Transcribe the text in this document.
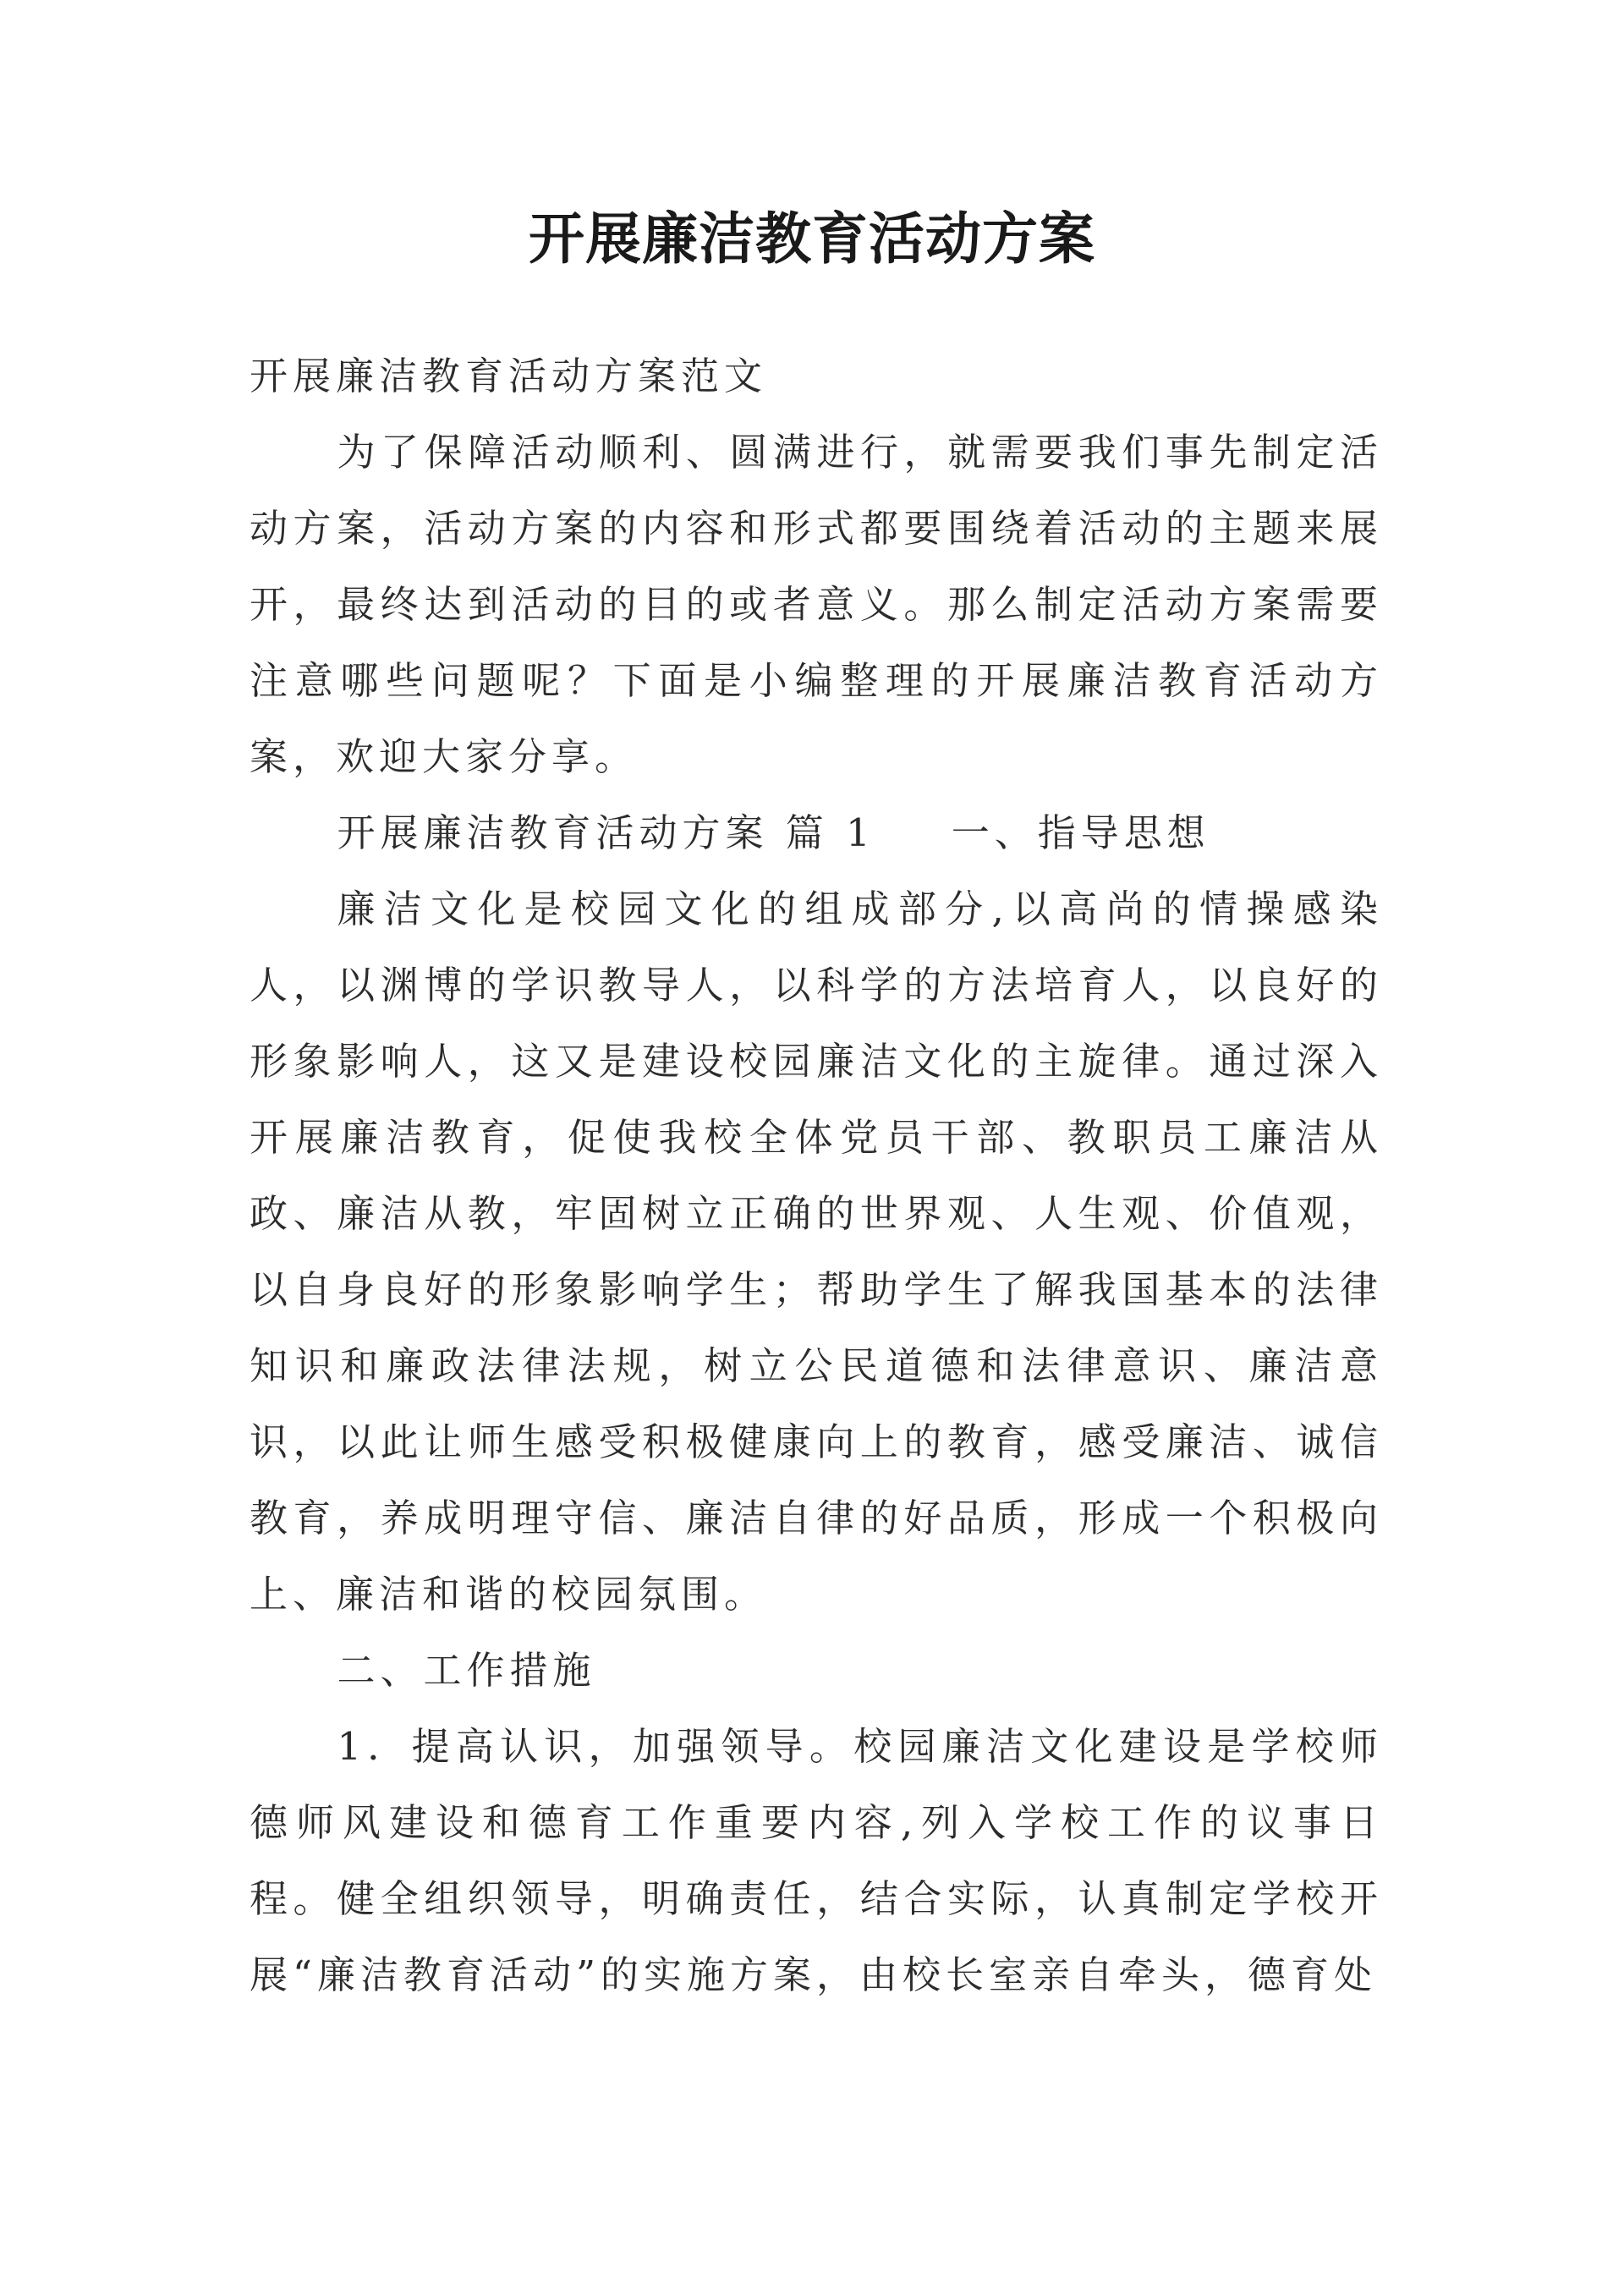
开展廉洁教育活动方案

开展廉洁教育活动方案范文

为了保障活动顺利、圆满进行，就需要我们事先制定活动方案，活动方案的内容和形式都要围绕着活动的主题来展开，最终达到活动的目的或者意义。那么制定活动方案需要注意哪些问题呢？下面是小编整理的开展廉洁教育活动方案，欢迎大家分享。

开展廉洁教育活动方案 篇 1 一、指导思想

廉洁文化是校园文化的组成部分,以高尚的情操感染人，以渊博的学识教导人，以科学的方法培育人，以良好的形象影响人，这又是建设校园廉洁文化的主旋律。通过深入开展廉洁教育，促使我校全体党员干部、教职员工廉洁从政、廉洁从教，牢固树立正确的世界观、人生观、价值观，以自身良好的形象影响学生；帮助学生了解我国基本的法律知识和廉政法律法规，树立公民道德和法律意识、廉洁意识，以此让师生感受积极健康向上的教育，感受廉洁、诚信教育，养成明理守信、廉洁自律的好品质，形成一个积极向上、廉洁和谐的校园氛围。

二、工作措施

1．提高认识，加强领导。校园廉洁文化建设是学校师德师风建设和德育工作重要内容,列入学校工作的议事日程。健全组织领导，明确责任，结合实际，认真制定学校开展“廉洁教育活动”的实施方案，由校长室亲自牵头，德育处
